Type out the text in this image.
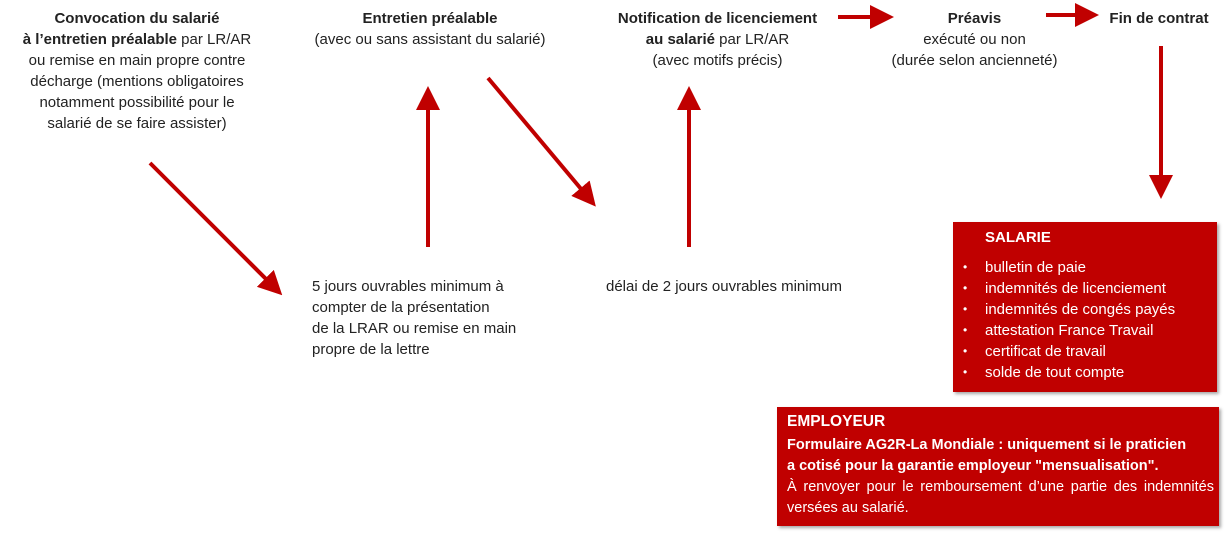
Convocation du salarié
à l’entretien préalable par LR/AR
ou remise en main propre contre
décharge (mentions obligatoires
notamment possibilité pour le
salarié de se faire assister)
Entretien préalable
(avec ou sans assistant du salarié)
Notification de licenciement
au salarié par LR/AR
(avec motifs précis)
Préavis
exécuté ou non
(durée selon ancienneté)
Fin de contrat
5 jours ouvrables minimum à
compter de la présentation
de la LRAR ou remise en main
propre de la lettre
délai de 2 jours ouvrables minimum
SALARIE
• bulletin de paie
• indemnités de licenciement
• indemnités de congés payés
• attestation France Travail
• certificat de travail
• solde de tout compte
EMPLOYEUR

Formulaire AG2R-La Mondiale : uniquement si le praticien

a cotisé pour la garantie employeur "mensualisation".

À renvoyer pour le remboursement d’une partie des indemnités versées au salarié.
